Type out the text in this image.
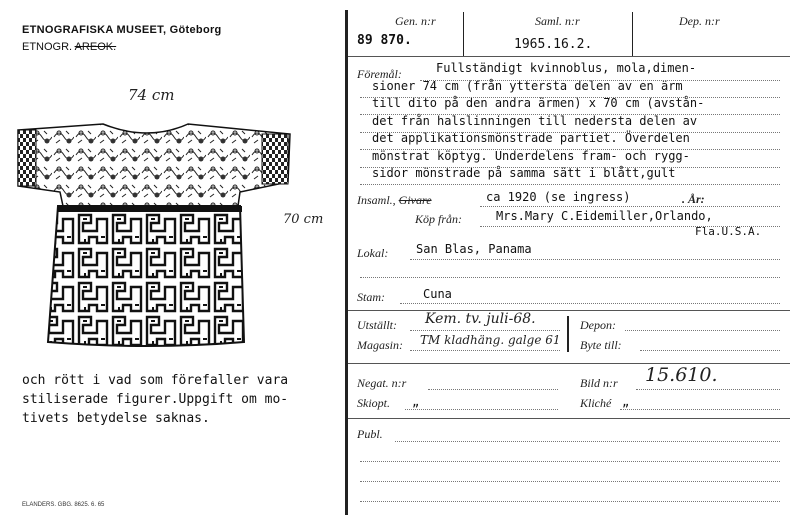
ETNOGRAFISKA MUSEET, Göteborg
ETNOGR. AREOK.
74 cm
70 cm
och rött i vad som förefaller vara
stiliserade figurer.Uppgift om mo-
tivets betydelse saknas.
ELANDERS. GBG. 8625. 6. 65
Gen. n:r
89 870.
Saml. n:r
1965.16.2.
Dep. n:r
Föremål:	Fullständigt kvinnoblus, mola,dimen-
sioner 74 cm (från yttersta delen av en ärm
till dito på den andra ärmen) x 70 cm (avstån-
det från halslinningen till nedersta delen av
det applikationsmönstrade partiet. Överdelen
mönstrat köptyg. Underdelens fram- och rygg-
sidor mönstrade på samma sätt i blått,gult
Insaml., Givare	ca 1920 (se ingress)	. År:
Köp från:	Mrs.Mary C.Eidemiller,Orlando,
Fla.U.S.A.
Lokal: San Blas, Panama
Stam:	Cuna
Utställt: Kem. tv. juli-68.
Magasin: TM kladhäng. galge 61
Depon:
Byte till:
Negat. n:r	Bild n:r 15.610.
Skiopt. „	Kliché „
Publ.
